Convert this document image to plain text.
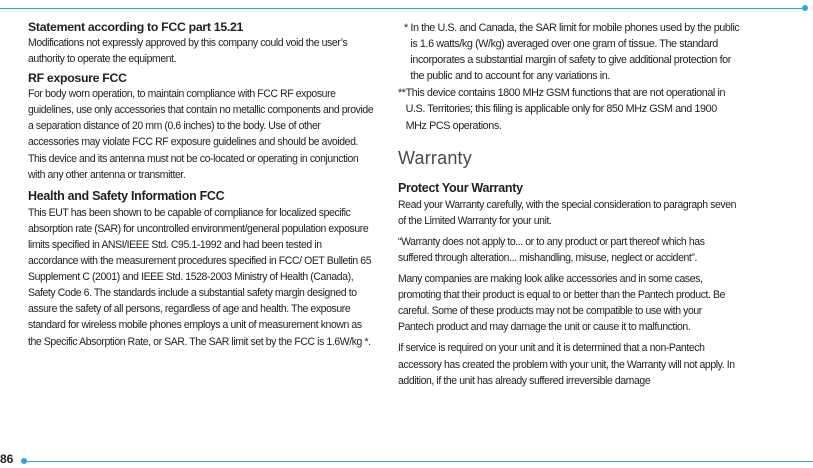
Statement according to FCC part 15.21

Modifications not expressly approved by this company could void the user’s authority to operate the equipment.

RF exposure FCC

For body worn operation, to maintain compliance with FCC RF exposure guidelines, use only accessories that contain no metallic components and provide a separation distance of 20 mm (0.6 inches) to the body. Use of other accessories may violate FCC RF exposure guidelines and should be avoided.

This device and its antenna must not be co-located or operating in conjunction with any other antenna or transmitter.

Health and Safety Information FCC

This EUT has been shown to be capable of compliance for localized specific absorption rate (SAR) for uncontrolled environment/general population exposure limits specified in ANSI/IEEE Std. C95.1-1992 and had been tested in accordance with the measurement procedures specified in FCC/ OET Bulletin 65 Supplement C (2001) and IEEE Std. 1528-2003 Ministry of Health (Canada), Safety Code 6. The standards include a substantial safety margin designed to assure the safety of all persons, regardless of age and health. The exposure standard for wireless mobile phones employs a unit of measurement known as the Specific Absorption Rate, or SAR. The SAR limit set by the FCC is 1.6W/kg *.

* In the U.S. and Canada, the SAR limit for mobile phones used by the public is 1.6 watts/kg (W/kg) averaged over one gram of tissue. The standard incorporates a substantial margin of safety to give additional protection for the public and to account for any variations in.
** This device contains 1800 MHz GSM functions that are not operational in U.S. Territories; this filing is applicable only for 850 MHz GSM and 1900 MHz PCS operations.
Warranty
Protect Your Warranty

Read your Warranty carefully, with the special consideration to paragraph seven of the Limited Warranty for your unit.

“Warranty does not apply to... or to any product or part thereof which has suffered through alteration... mishandling, misuse, neglect or accident”.

Many companies are making look alike accessories and in some cases, promoting that their product is equal to or better than the Pantech product. Be careful. Some of these products may not be compatible to use with your Pantech product and may damage the unit or cause it to malfunction.

If service is required on your unit and it is determined that a non-Pantech accessory has created the problem with your unit, the Warranty will not apply. In addition, if the unit has already suffered irreversible damage

86
